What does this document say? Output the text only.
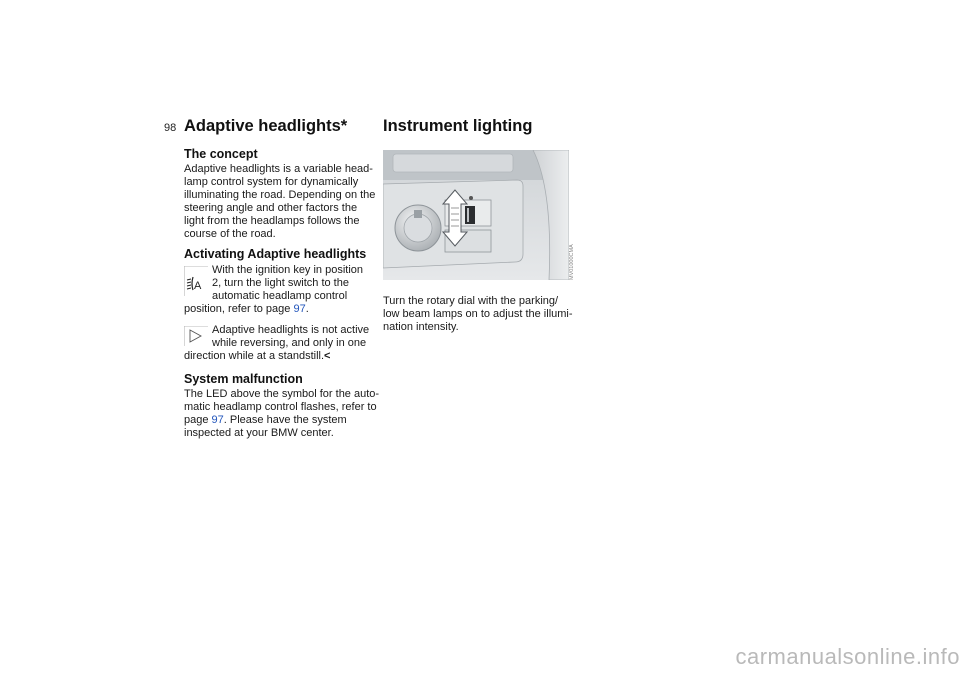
98 Adaptive headlights*
The concept
Adaptive headlights is a variable head-
lamp control system for dynamically
illuminating the road. Depending on the
steering angle and other factors the
light from the headlamps follows the
course of the road.
Activating Adaptive headlights
A
With the ignition key in position
2, turn the light switch to the
automatic headlamp control
position, refer to page 97.
Adaptive headlights is not active
while reversing, and only in one
direction while at a standstill.<
System malfunction
The LED above the symbol for the auto-
matic headlamp control flashes, refer to
page 97. Please have the system
inspected at your BMW center.
Instrument lighting
MV01000CMA
Turn the rotary dial with the parking/
low beam lamps on to adjust the illumi-
nation intensity.
carmanualsonline.info
